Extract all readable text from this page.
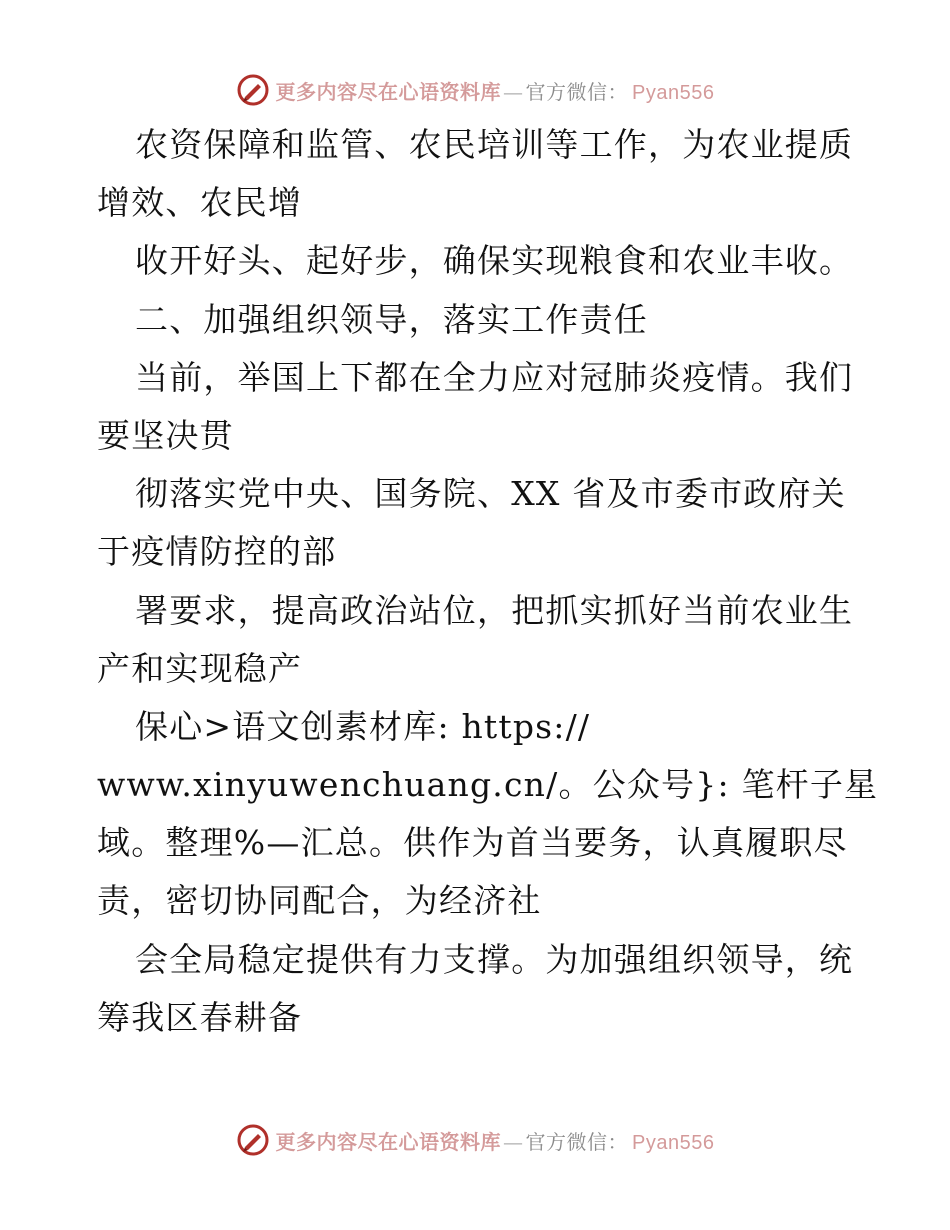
更多内容尽在心语资料库 — 官方微信： Pyan556
农资保障和监管、农民培训等工作，为农业提质
增效、农民增
收开好头、起好步，确保实现粮食和农业丰收。
二、加强组织领导，落实工作责任
当前，举国上下都在全力应对冠肺炎疫情。我们
要坚决贯
彻落实党中央、国务院、XX 省及市委市政府关
于疫情防控的部
署要求，提高政治站位，把抓实抓好当前农业生
产和实现稳产
保心>语文创素材库: https://
www.xinyuwenchuang.cn/。公众号}: 笔杆子星
域。整理%—汇总。供作为首当要务，认真履职尽
责，密切协同配合，为经济社
会全局稳定提供有力支撑。为加强组织领导，统
筹我区春耕备
更多内容尽在心语资料库 — 官方微信： Pyan556
